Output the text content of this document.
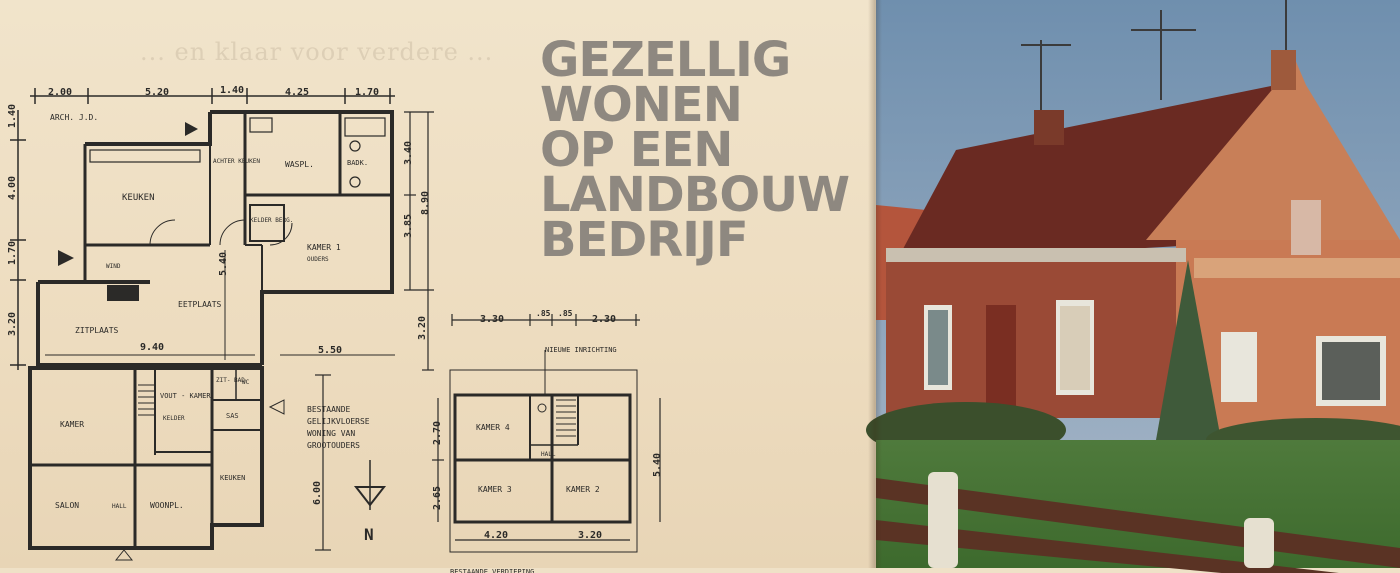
... en klaar voor verdere ...
2.00	5.20	1.40	4.25	1.70
ARCH. J.D.
KEUKEN
ACHTER KEUKEN	WASPL.	BADK.
KELDER BERG.
KAMER 1
OUDERS
WIND
EETPLAATS
ZITPLAATS
KAMER
VOUT - KAMER
KELDER
ZIT- BAD
WC
SAS
KEUKEN
SALON	HALL	WOONPL.
9.40	5.50
5.40
6.00
4.00
1.70
3.20
1.40
3.40
3.85
8.90
3.20
BESTAANDE
GELIJKVLOERSE
WONING VAN
GROOTOUDERS
N
3.30
.85 .85
2.30
NIEUWE INRICHTING
BESTAANDE VERDIEPING
KAMER 4
HALL
KAMER 3	KAMER 2
2.70
2.65
5.40
4.20	3.20
GEZELLIG
WONEN
OP EEN
LANDBOUW
BEDRIJF
